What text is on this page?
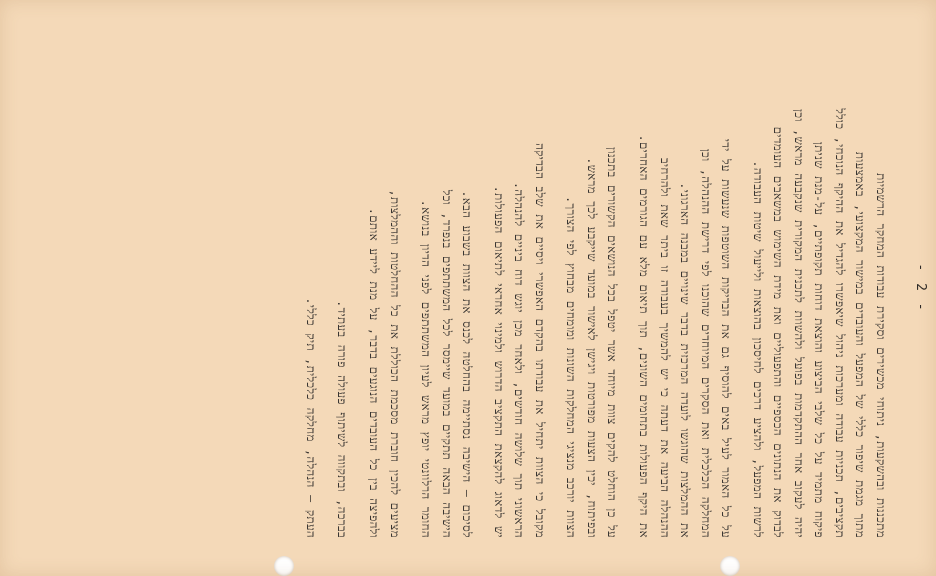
- 2 -
מתכננות ובהשקעות, ניתוחי מכשירים וסקירת עבודות המחקר הרשמיות
מתוך מגמת שיפור כללי של המפעל והעובדים במישור המקצועי, באמצעות
תקציבים, תכניות עבודה ומערכות ניהול שיאפשרו להגדיל את ההיקף הנוכחי, כולל
פיקוח מתמיד על כל שלבי הביצוע והוצאת דוחות תקופתיים, על-מנת שניתן
יהיה לעקוב אחר ההתקדמות בפועל ולהשוות לתכנית המקורית שנקבעה מראש, וכן
לבדוק את הנתונים הכספיים והתפעוליים ואת מידת השימוש במשאבים העומדים
לרשות המפעל, ולהציע דרכים לחיסכון בהוצאות ולייעול שיטות העבודה.
על כל האמור לעיל באים להוסיף גם את הבדיקות השוטפות שנעשות על ידי
המחלקה הכלכלית ואת הסקרים המיוחדים שהוכנו לפי דרישת ההנהלה, וכן
את ההמלצות שהוגשו לועדה המרכזית בדבר שינויים במבנה הארגוני.
ההנהלה הביעה את דעתה כי יש להמשיך בעבודה זו ביתר שאת ולהרחיב
את היקף הפעולות בתחומים השונים, תוך תיאום מלא עם הגורמים האחרים.
על כן הוחלט להקים צוות מיוחד אשר יטפל בכל הנושאים הקשורים בתכנון
ובפיתוח, יכין הצעות מפורטות ויגישן לאישור במועד שייקבע לכך מראש.
הצוות יורכב מנציגי המחלקות השונות ומומחים מבחוץ לפי הצורך.
מקובל כי הצוות יתחיל את עבודתו בהקדם האפשרי ויסיים את שלב הבדיקה
הראשוני תוך שלושה חודשים, ולאחר מכן יוגש דוח ביניים להנהלה.
יש לדאוג להקצאת התקציב הדרוש ולמינוי אחראי לתיאום הפעולות.
לסיכום — הישיבה נסתיימה בהחלטה לכנס את הצוות בשבוע הבא.
הישיבה הבאה תתקיים במועד שיימסר לכל המשתתפים בנפרד, וכל
החומר הרלוונטי יופץ מראש לעיון המשתתפים לפני הדיון בנושא.
מציעים להכין חוברת מסכמת הכוללת את כל ההחלטות וההמלצות,
ולהפיצה בין כל העובדים הנוגעים בדבר, על מנת ליידע אותם.
בברכה, ובתקווה לשיתוף פעולה פורה בעתיד.
העתק — הנהלה, מחלקה כלכלית, תיק כללי.
